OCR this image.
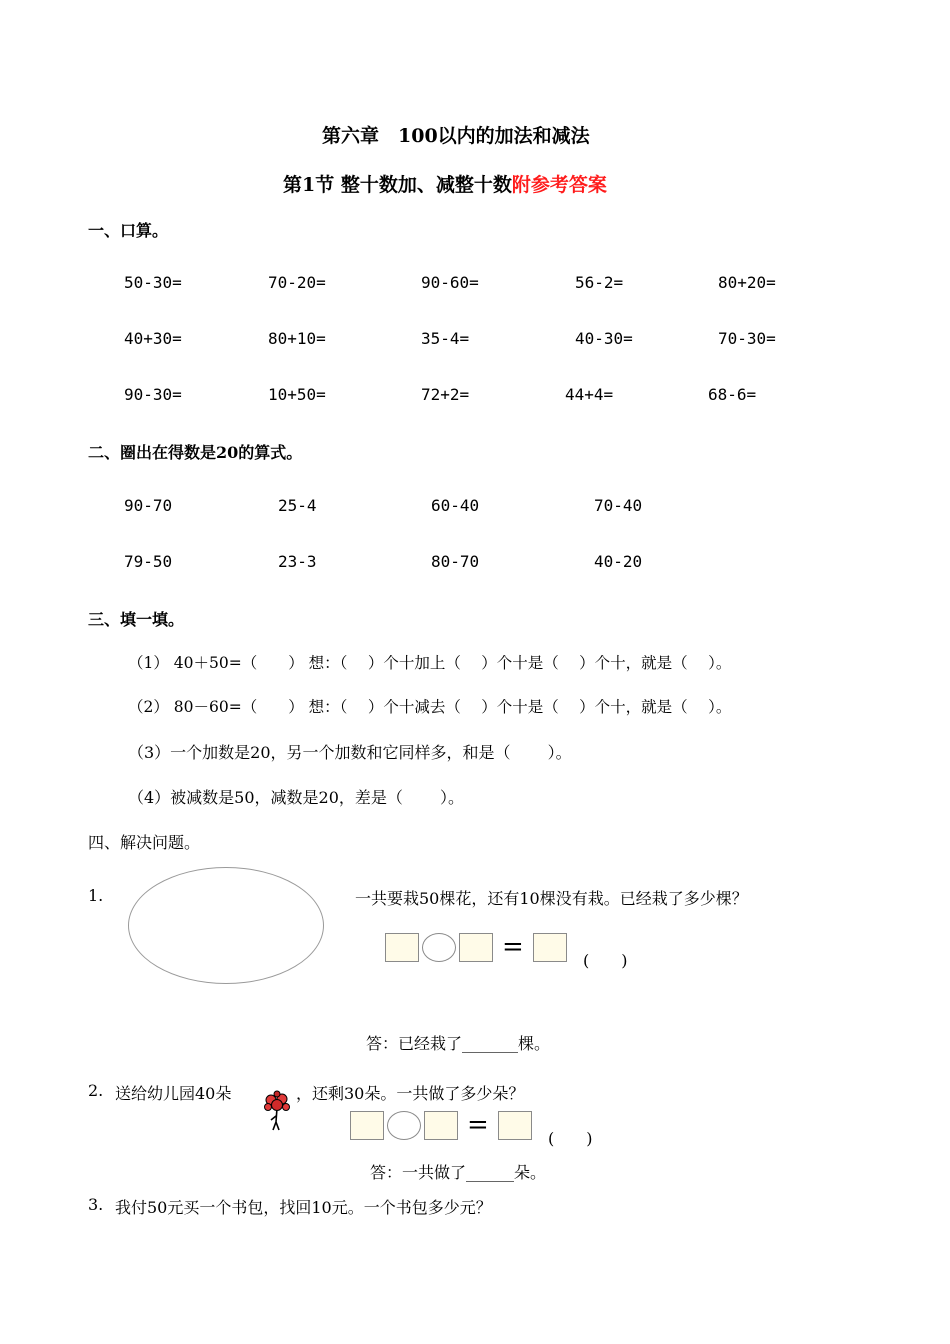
第六章　100以内的加法和减法
第1节 整十数加、减整十数附参考答案
一、口算。
50-30=	70-20=	90-60=	56-2=	80+20=
40+30=	80+10=	35-4=	40-30=	70-30=
90-30=	10+50=	72+2=	44+4=	68-6=
二、圈出在得数是20的算式。
90-70	25-4	60-40	70-40
79-50	23-3	80-70	40-20
三、填一填。
（1） 40＋50=（　　） 想：（　 ）个十加上（　 ）个十是（　 ）个十，就是（　 ）。
（2） 80－60=（　　） 想：（　 ）个十减去（　 ）个十是（　 ）个十，就是（　 ）。
（3）一个加数是20，另一个加数和它同样多，和是（　　 ）。
（4）被减数是50，减数是20，差是（　　 ）。
四、解决问题。
1.	一共要栽50棵花，还有10棵没有栽。已经栽了多少棵？
=	(　　)
答：已经栽了_______棵。
2. 送给幼儿园40朵	，还剩30朵。一共做了多少朵？
=	(　　)
答：一共做了______朵。
3. 我付50元买一个书包，找回10元。一个书包多少元？
